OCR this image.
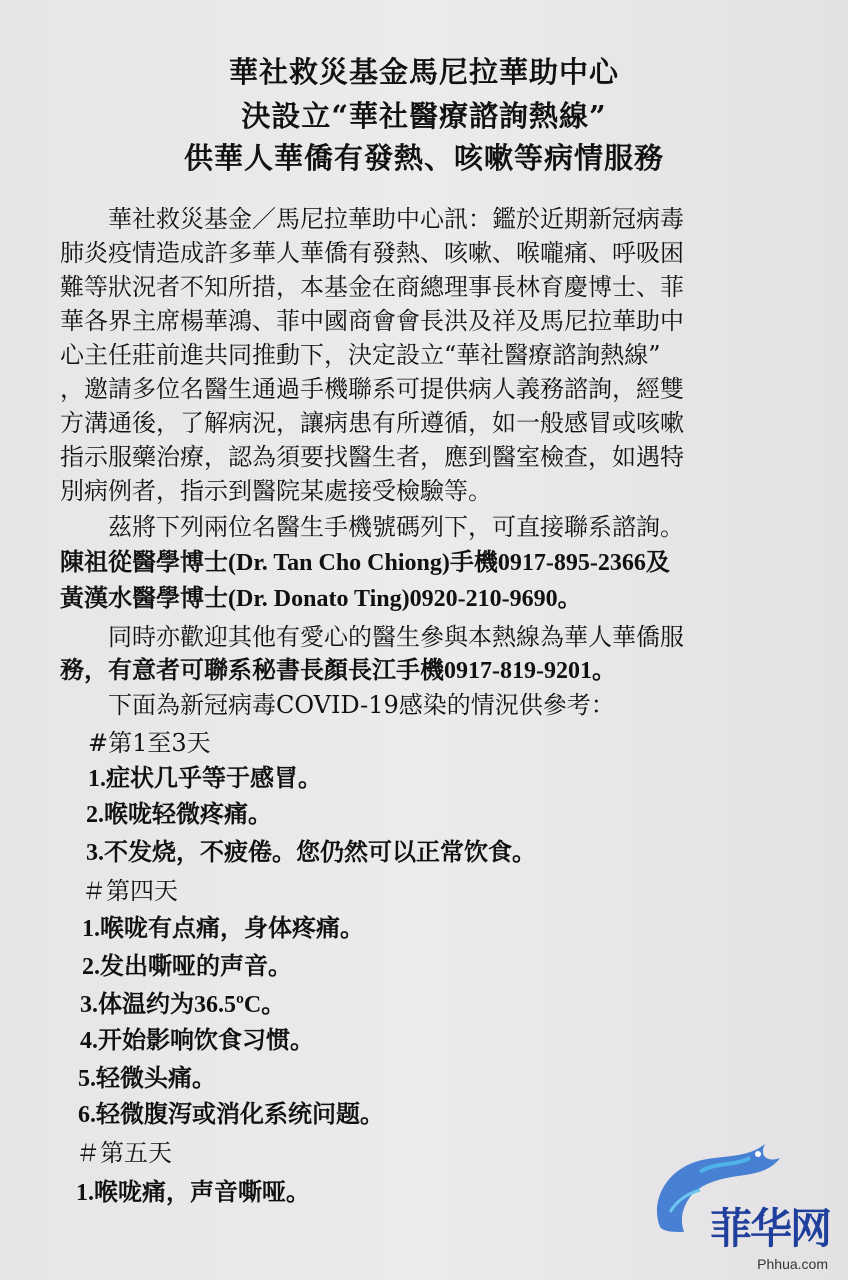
華社救災基金馬尼拉華助中心
決設立“華社醫療諮詢熱線”
供華人華僑有發熱、咳嗽等病情服務
　　華社救災基金／馬尼拉華助中心訊：鑑於近期新冠病毒
肺炎疫情造成許多華人華僑有發熱、咳嗽、喉嚨痛、呼吸困
難等狀況者不知所措，本基金在商總理事長林育慶博士、菲
華各界主席楊華鴻、菲中國商會會長洪及祥及馬尼拉華助中
心主任莊前進共同推動下，決定設立“華社醫療諮詢熱線”
，邀請多位名醫生通過手機聯系可提供病人義務諮詢，經雙
方溝通後，了解病況，讓病患有所遵循，如一般感冒或咳嗽
指示服藥治療，認為須要找醫生者，應到醫室檢查，如遇特
別病例者，指示到醫院某處接受檢驗等。
　　茲將下列兩位名醫生手機號碼列下，可直接聯系諮詢。
陳祖從醫學博士(Dr. Tan Cho Chiong)手機0917-895-2366及
黃漢水醫學博士(Dr. Donato Ting)0920-210-9690。
　　同時亦歡迎其他有愛心的醫生參與本熱線為華人華僑服
務，有意者可聯系秘書長顏長江手機0917-819-9201。
　　下面為新冠病毒COVID-19感染的情況供參考：
#第1至3天
1.症状几乎等于感冒。
2.喉咙轻微疼痛。
3.不发烧，不疲倦。您仍然可以正常饮食。
＃第四天
1.喉咙有点痛，身体疼痛。
2.发出嘶哑的声音。
3.体温约为36.5ºC。
4.开始影响饮食习惯。
5.轻微头痛。
6.轻微腹泻或消化系统问题。
＃第五天
1.喉咙痛，声音嘶哑。
菲华网
Phhua.com
